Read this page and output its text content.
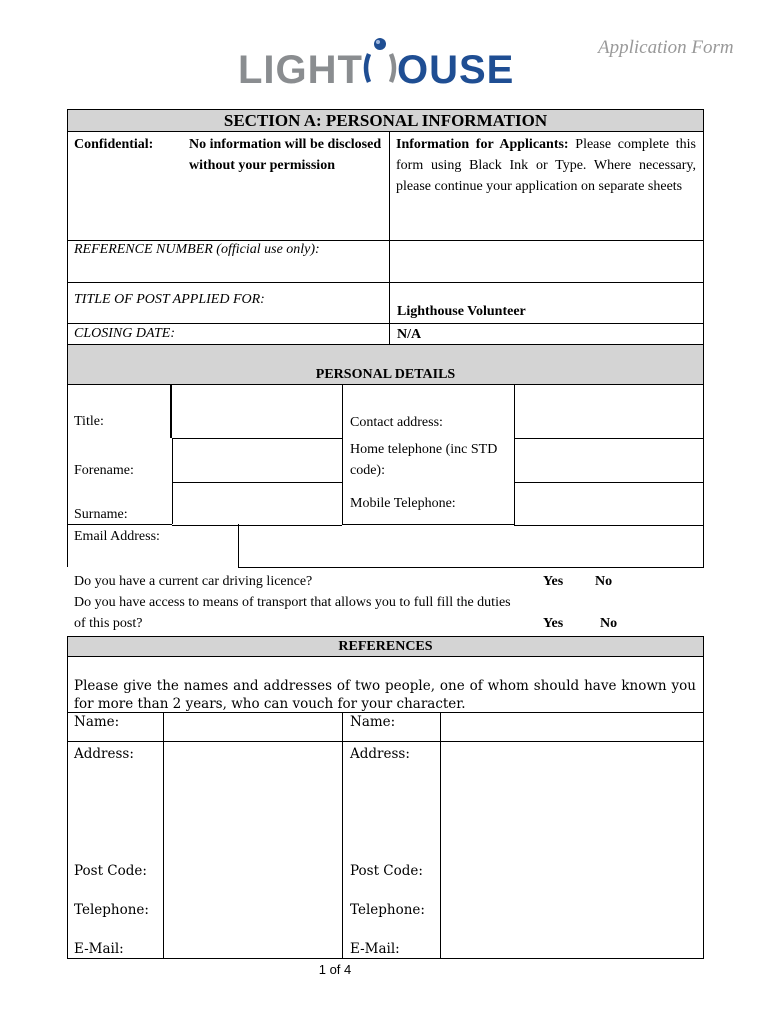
LIGHT OUSE
Application Form
SECTION A: PERSONAL INFORMATION
Confidential:	No information will be disclosed without your permission
Information for Applicants: Please complete this form using Black Ink or Type. Where necessary, please continue your application on separate sheets
REFERENCE NUMBER (official use only):
TITLE OF POST APPLIED FOR:
Lighthouse Volunteer
CLOSING DATE:	N/A
PERSONAL DETAILS
Title:
Forename:
Surname:
Contact address:
Home telephone (inc STD code):
Mobile Telephone:
Email Address:
Do you have a current car driving licence?	Yes No
Do you have access to means of transport that allows you to full fill the duties of this post?	Yes	No
REFERENCES
Please give the names and addresses of two people, one of whom should have known you for more than 2 years, who can vouch for your character.
Name:
Address:
Post Code:
Telephone:
E-Mail:
Name:
Address:
Post Code:
Telephone:
E-Mail:
1 of 4
